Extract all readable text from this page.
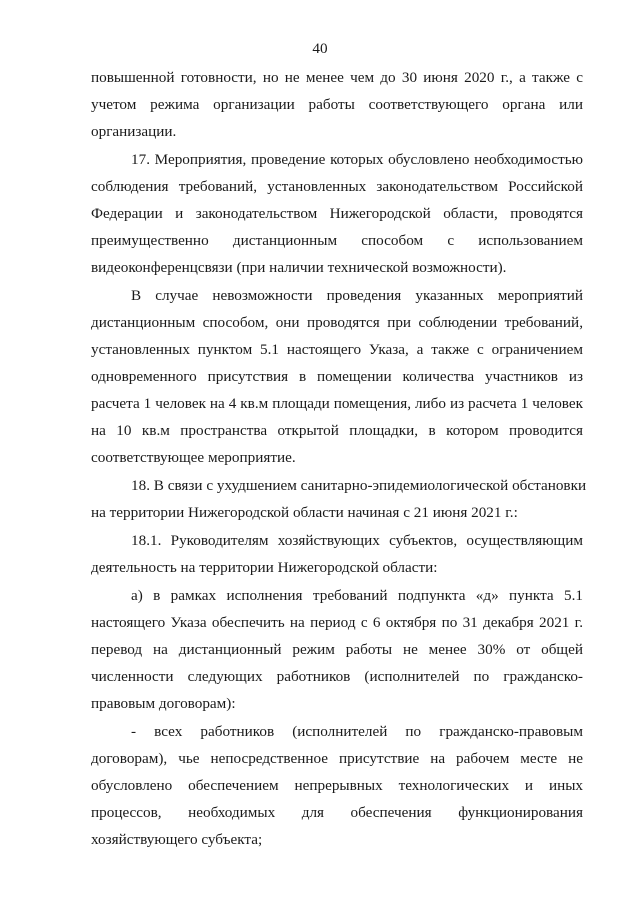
40
повышенной готовности, но не менее чем до 30 июня 2020 г., а также с
учетом режима организации работы соответствующего органа или
организации.
17. Мероприятия, проведение которых обусловлено необходимостью
соблюдения требований, установленных законодательством Российской
Федерации и законодательством Нижегородской области, проводятся
преимущественно дистанционным способом с использованием
видеоконференцсвязи (при наличии технической возможности).
В случае невозможности проведения указанных мероприятий
дистанционным способом, они проводятся при соблюдении требований,
установленных пунктом 5.1 настоящего Указа, а также с ограничением
одновременного присутствия в помещении количества участников из
расчета 1 человек на 4 кв.м площади помещения, либо из расчета 1 человек
на 10 кв.м пространства открытой площадки, в котором проводится
соответствующее мероприятие.
18. В связи с ухудшением санитарно-эпидемиологической обстановки
на территории Нижегородской области начиная с 21 июня 2021 г.:
18.1. Руководителям хозяйствующих субъектов, осуществляющим
деятельность на территории Нижегородской области:
а) в рамках исполнения требований подпункта «д» пункта 5.1
настоящего Указа обеспечить на период с 6 октября по 31 декабря 2021 г.
перевод на дистанционный режим работы не менее 30% от общей
численности следующих работников (исполнителей по гражданско-
правовым договорам):
- всех работников (исполнителей по гражданско-правовым
договорам), чье непосредственное присутствие на рабочем месте не
обусловлено обеспечением непрерывных технологических и иных
процессов, необходимых для обеспечения функционирования
хозяйствующего субъекта;
